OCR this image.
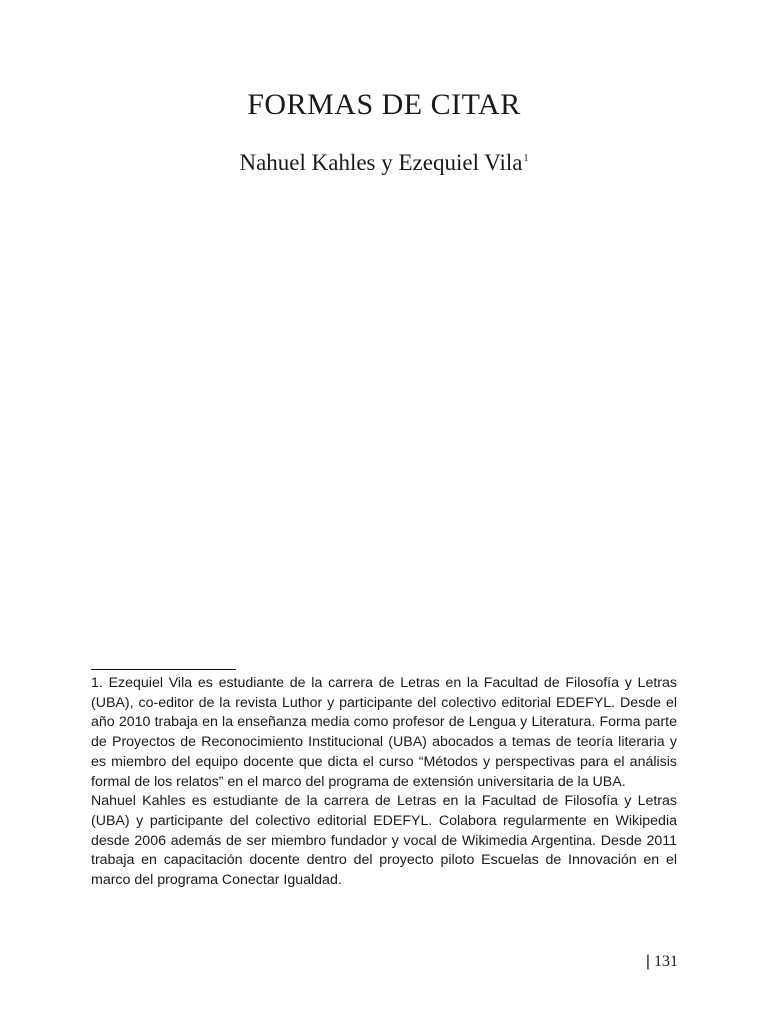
FORMAS DE CITAR
Nahuel Kahles y Ezequiel Vila$^1$

1. Ezequiel Vila es estudiante de la carrera de Letras en la Facultad de Filosofía y Letras (UBA), co-editor de la revista Luthor y participante del colectivo editorial EDEFYL. Desde el año 2010 trabaja en la enseñanza media como profesor de Lengua y Literatura. Forma parte de Proyectos de Reconocimiento Institucional (UBA) abocados a temas de teoría literaria y es miembro del equipo docente que dicta el curso “Métodos y perspectivas para el análisis formal de los relatos” en el marco del programa de extensión universitaria de la UBA.

Nahuel Kahles es estudiante de la carrera de Letras en la Facultad de Filosofía y Letras (UBA) y participante del colectivo editorial EDEFYL. Colabora regularmente en Wikipedia desde 2006 además de ser miembro fundador y vocal de Wikimedia Argentina. Desde 2011 trabaja en capacitación docente dentro del proyecto piloto Escuelas de Innovación en el marco del programa Conectar Igualdad.

| 131
